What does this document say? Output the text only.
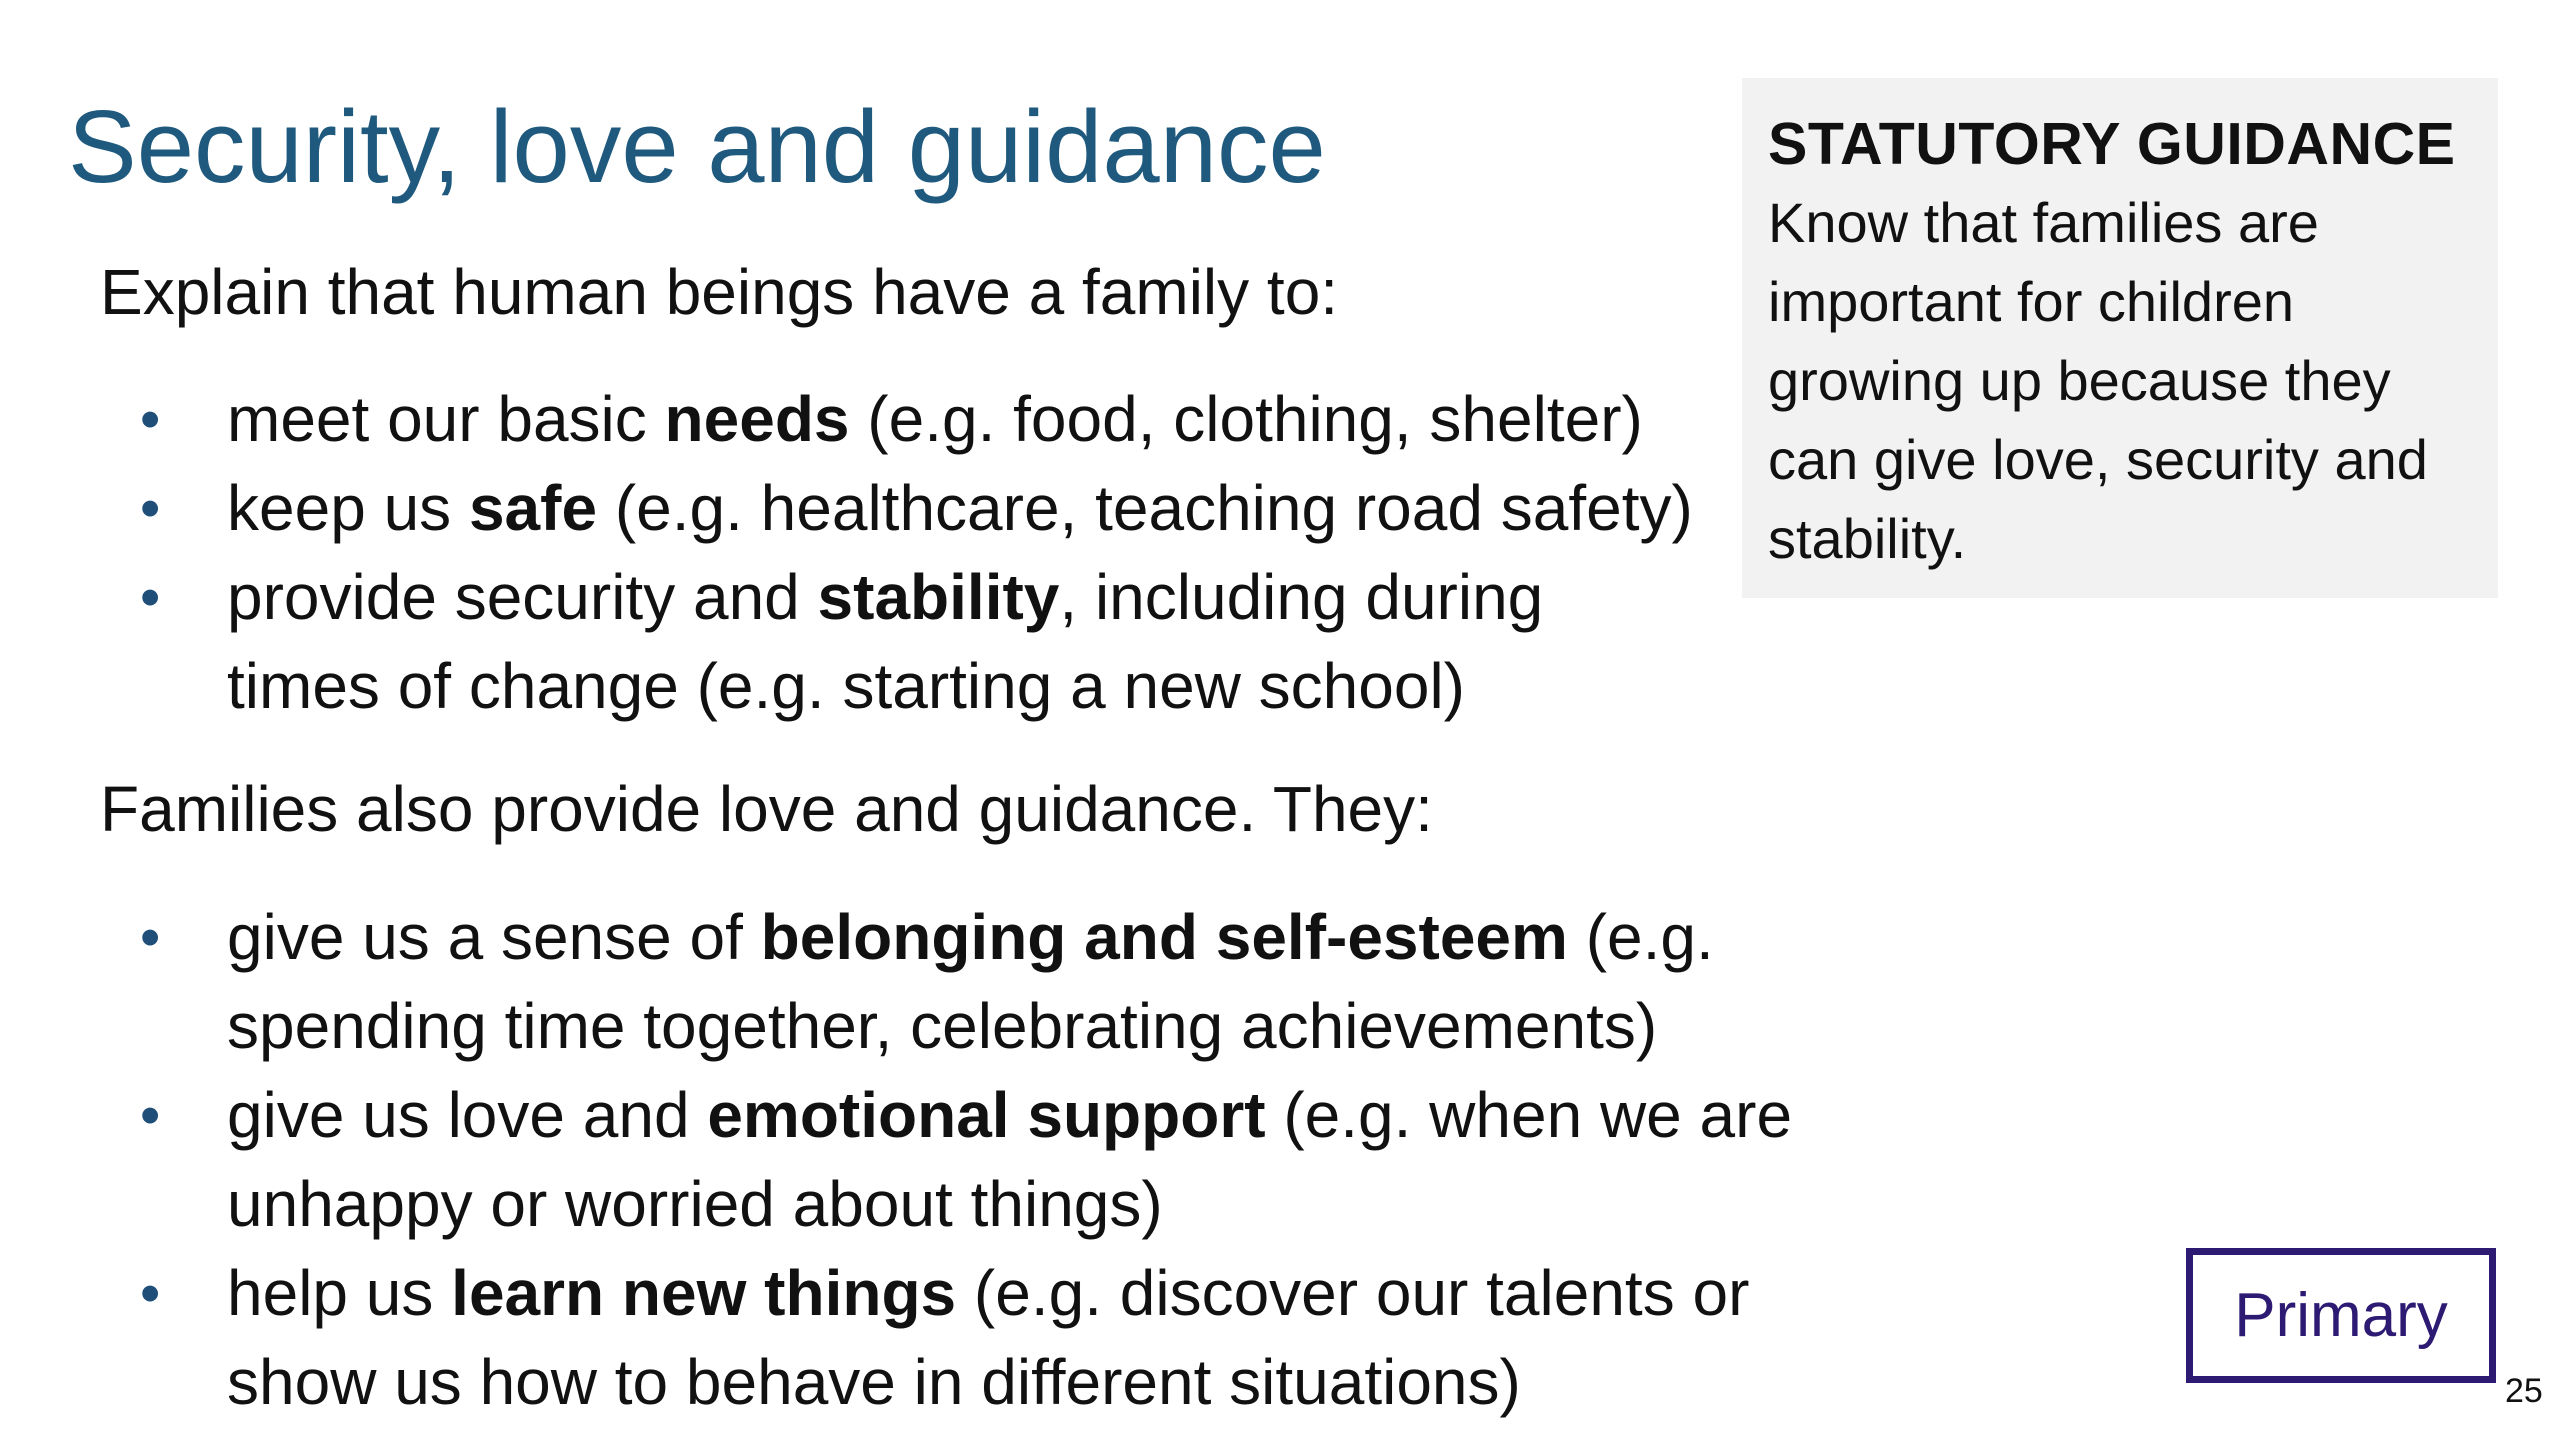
Security, love and guidance

Explain that human beings have a family to:

• meet our basic needs (e.g. food, clothing, shelter)
• keep us safe (e.g. healthcare, teaching road safety)
• provide security and stability, including during times of change (e.g. starting a new school)

Families also provide love and guidance. They:

• give us a sense of belonging and self-esteem (e.g. spending time together, celebrating achievements)
• give us love and emotional support (e.g. when we are unhappy or worried about things)
• help us learn new things (e.g. discover our talents or show us how to behave in different situations)

STATUTORY GUIDANCE

Know that families are important for children growing up because they can give love, security and stability.

Primary
25
